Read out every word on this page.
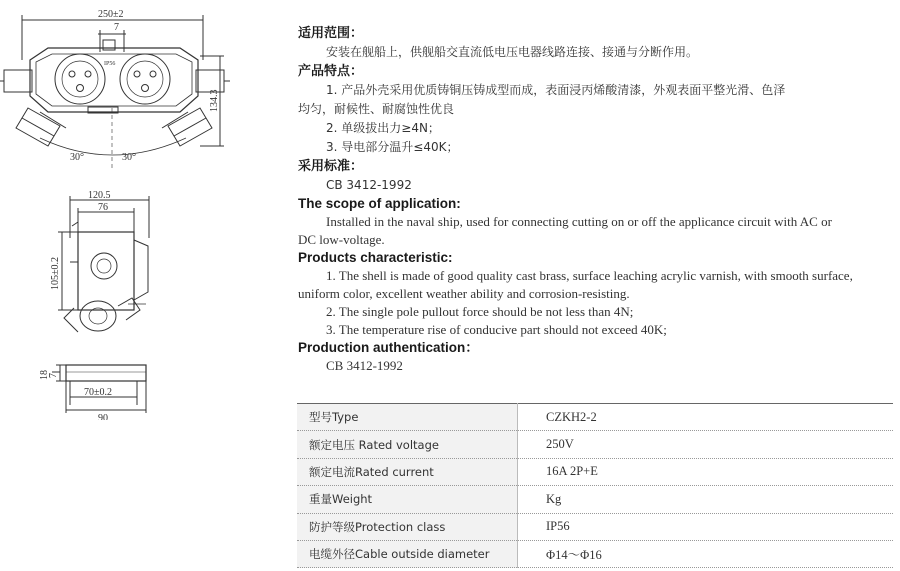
250±2
7
IP56
134.3
30°	30°
120.5
76
105±0.2
18
7
70±0.2
90

适用范围：

安装在舰船上，供舰船交直流低电压电器线路连接、接通与分断作用。

产品特点：

1. 产品外壳采用优质铸铜压铸成型而成，表面浸丙烯酸清漆，外观表面平整光滑、色泽

均匀，耐候性、耐腐蚀性优良

2. 单级拔出力≥4N；

3. 导电部分温升≤40K；

采用标准：

CB 3412-1992

The scope of application:

Installed in the naval ship, used for connecting cutting on or off the applicance circuit with AC or

DC low-voltage.

Products characteristic:

1. The shell is made of good quality cast brass, surface leaching acrylic varnish, with smooth surface,

uniform color, excellent weather ability and corrosion-resisting.

2. The single pole pullout force should be not less than 4N;

3. The temperature rise of conducive part should not exceed 40K;

Production authentication：

CB 3412-1992

型号Type	CZKH2-2
额定电压 Rated voltage	250V
额定电流Rated current	16A 2P+E
重量Weight	Kg
防护等级Protection class	IP56
电缆外径Cable outside diameter	Φ14～Φ16
